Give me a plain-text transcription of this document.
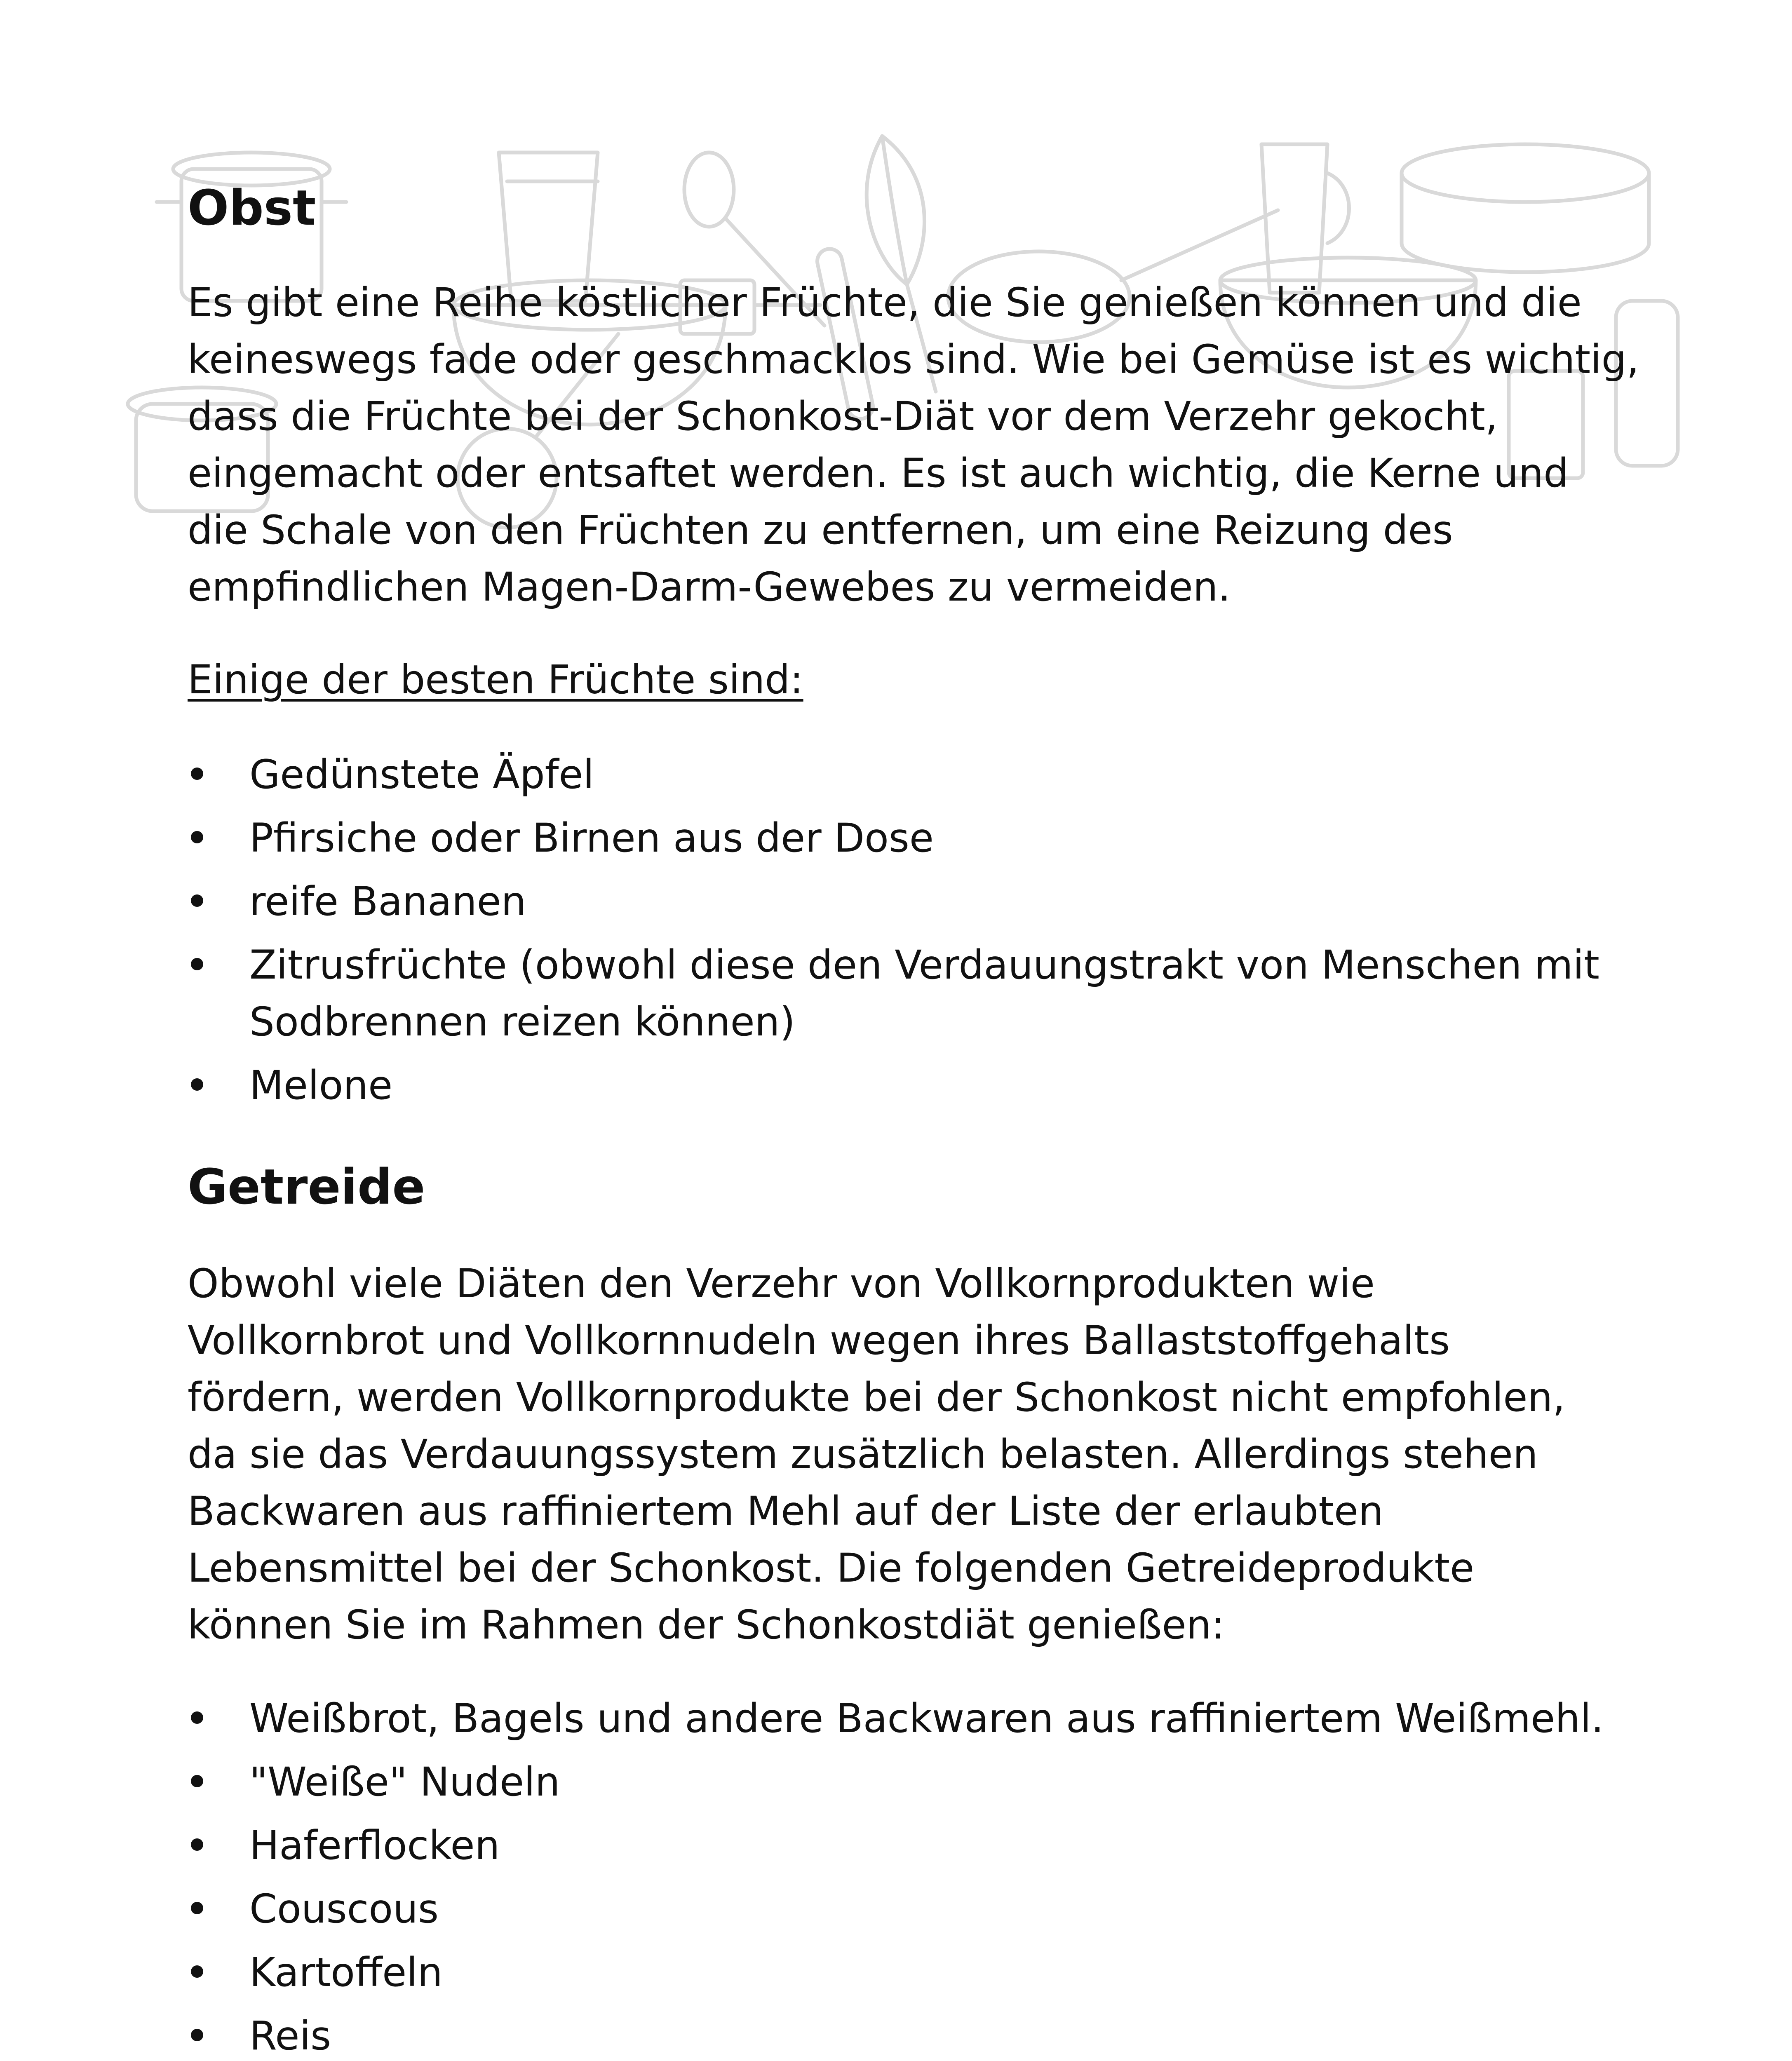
Obst

Es gibt eine Reihe köstlicher Früchte, die Sie genießen können und die
keineswegs fade oder geschmacklos sind. Wie bei Gemüse ist es wichtig,
dass die Früchte bei der Schonkost-Diät vor dem Verzehr gekocht,
eingemacht oder entsaftet werden. Es ist auch wichtig, die Kerne und
die Schale von den Früchten zu entfernen, um eine Reizung des
empfindlichen Magen-Darm-Gewebes zu vermeiden.

Einige der besten Früchte sind:

Gedünstete Äpfel
Pfirsiche oder Birnen aus der Dose
reife Bananen
Zitrusfrüchte (obwohl diese den Verdauungstrakt von Menschen mit
Sodbrennen reizen können)
Melone
Getreide

Obwohl viele Diäten den Verzehr von Vollkornprodukten wie
Vollkornbrot und Vollkornnudeln wegen ihres Ballaststoffgehalts
fördern, werden Vollkornprodukte bei der Schonkost nicht empfohlen,
da sie das Verdauungssystem zusätzlich belasten. Allerdings stehen
Backwaren aus raffiniertem Mehl auf der Liste der erlaubten
Lebensmittel bei der Schonkost. Die folgenden Getreideprodukte
können Sie im Rahmen der Schonkostdiät genießen:

Weißbrot, Bagels und andere Backwaren aus raffiniertem Weißmehl.
"Weiße" Nudeln
Haferflocken
Couscous
Kartoffeln
Reis
